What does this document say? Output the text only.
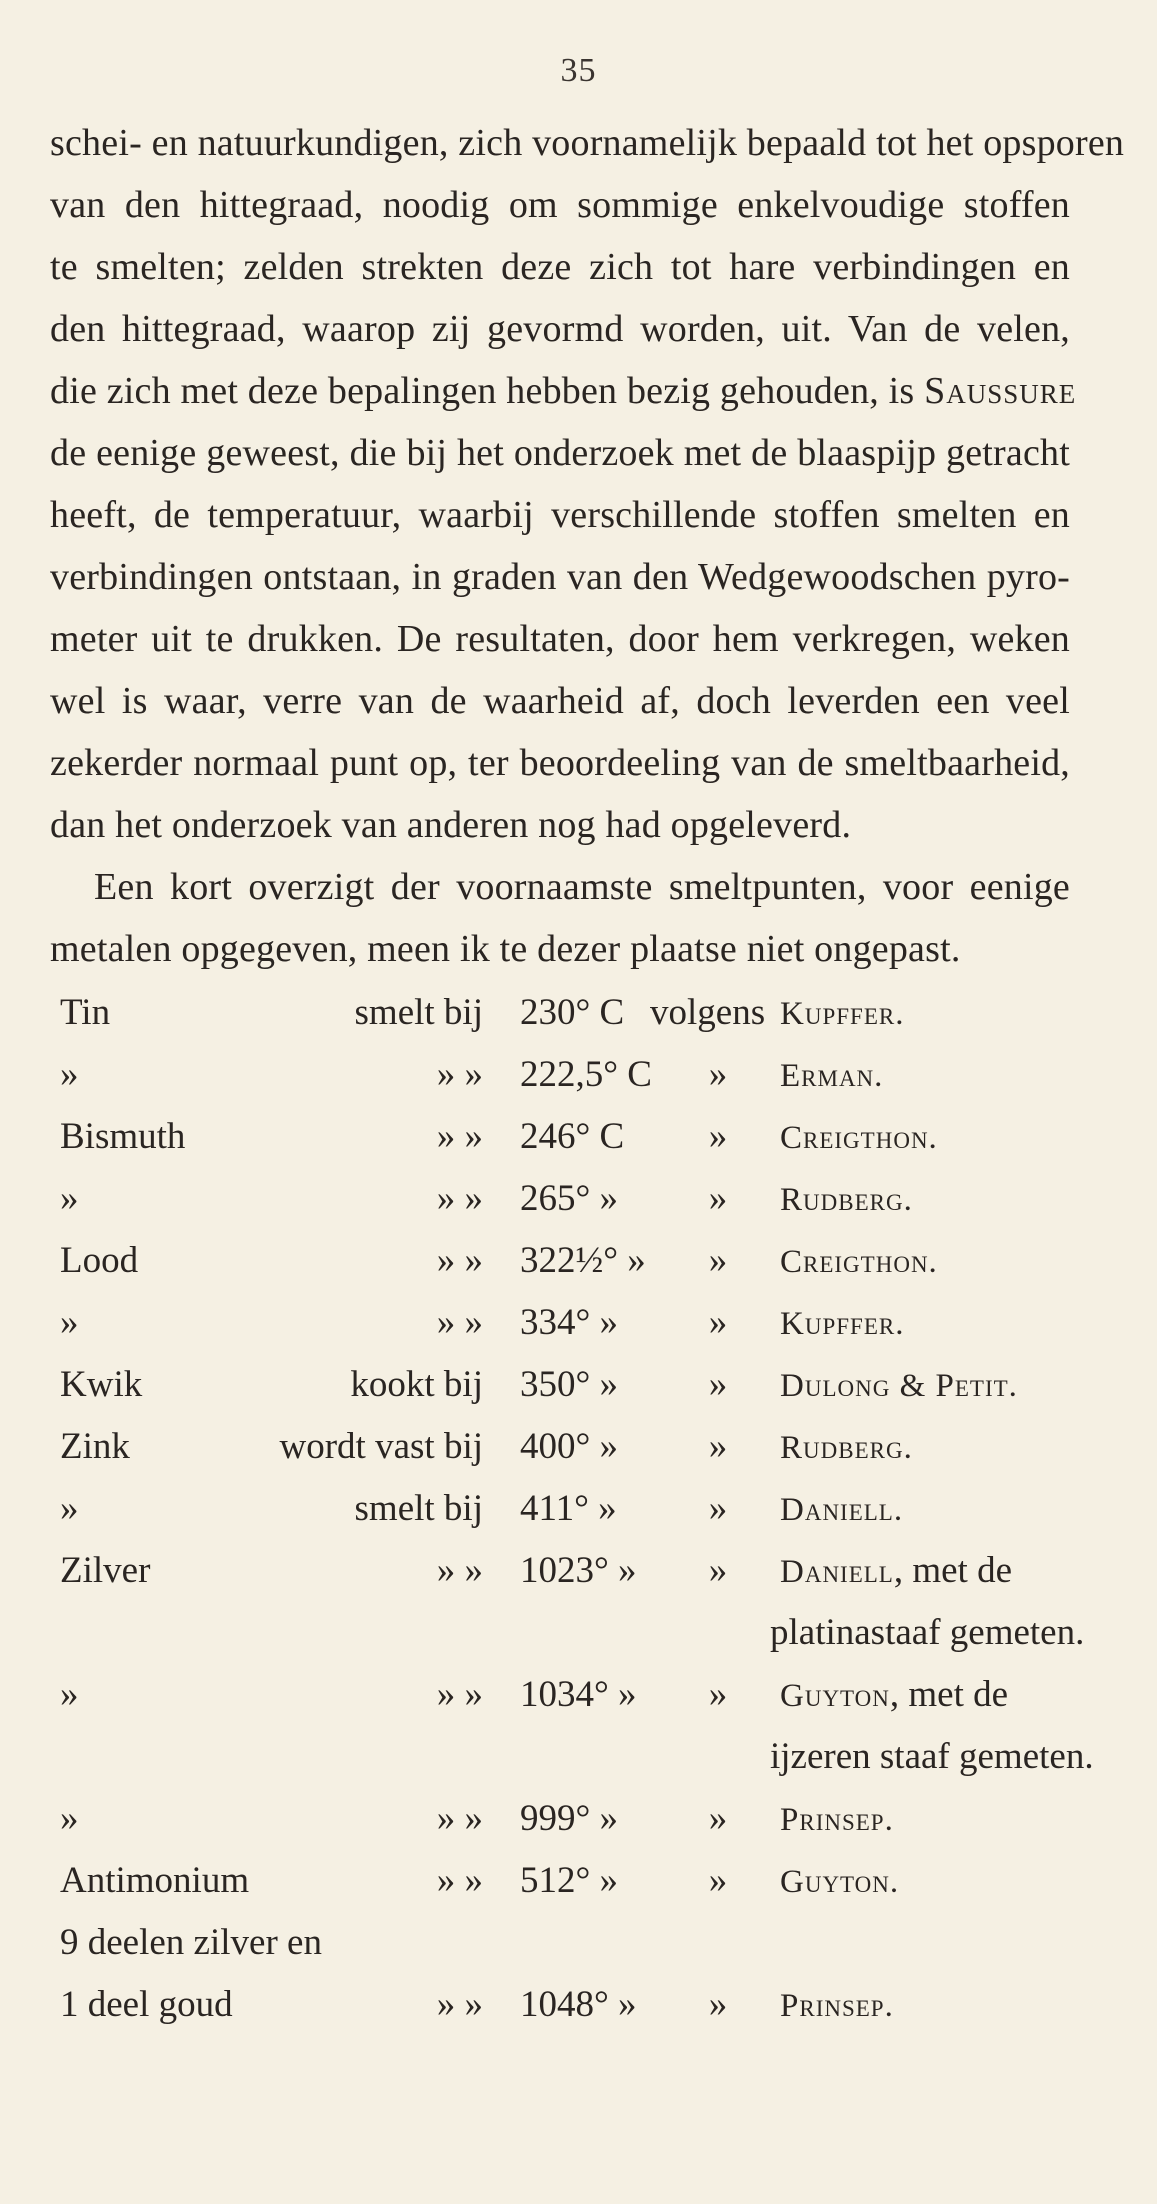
35
schei- en natuurkundigen, zich voornamelijk bepaald tot het opsporen
van den hittegraad, noodig om sommige enkelvoudige stoffen
te smelten; zelden strekten deze zich tot hare verbindingen en
den hittegraad, waarop zij gevormd worden, uit. Van de velen,
die zich met deze bepalingen hebben bezig gehouden, is Saussure
de eenige geweest, die bij het onderzoek met de blaaspijp getracht
heeft, de temperatuur, waarbij verschillende stoffen smelten en
verbindingen ontstaan, in graden van den Wedgewoodschen pyro-
meter uit te drukken. De resultaten, door hem verkregen, weken
wel is waar, verre van de waarheid af, doch leverden een veel
zekerder normaal punt op, ter beoordeeling van de smeltbaarheid,
dan het onderzoek van anderen nog had opgeleverd.
Een kort overzigt der voornaamste smeltpunten, voor eenige
metalen opgegeven, meen ik te dezer plaatse niet ongepast.
Tin	smelt bij 230° C volgens Kupffer.
»	» » 222,5° C » Erman.
Bismuth	» » 246° C » Creigthon.
»	» » 265° » » Rudberg.
Lood	» » 322½° » » Creigthon.
»	» » 334° » » Kupffer.
Kwik	kookt bij 350° » » Dulong & Petit.
Zink	wordt vast bij 400° » » Rudberg.
»	smelt bij 411° » » Daniell.
Zilver	» » 1023° » » Daniell, met de
platinastaaf gemeten.
»	» » 1034° » » Guyton, met de
ijzeren staaf gemeten.
»	» » 999° » » Prinsep.
Antimonium	» » 512° » » Guyton.
9 deelen zilver en
1 deel goud	» » 1048° » » Prinsep.
